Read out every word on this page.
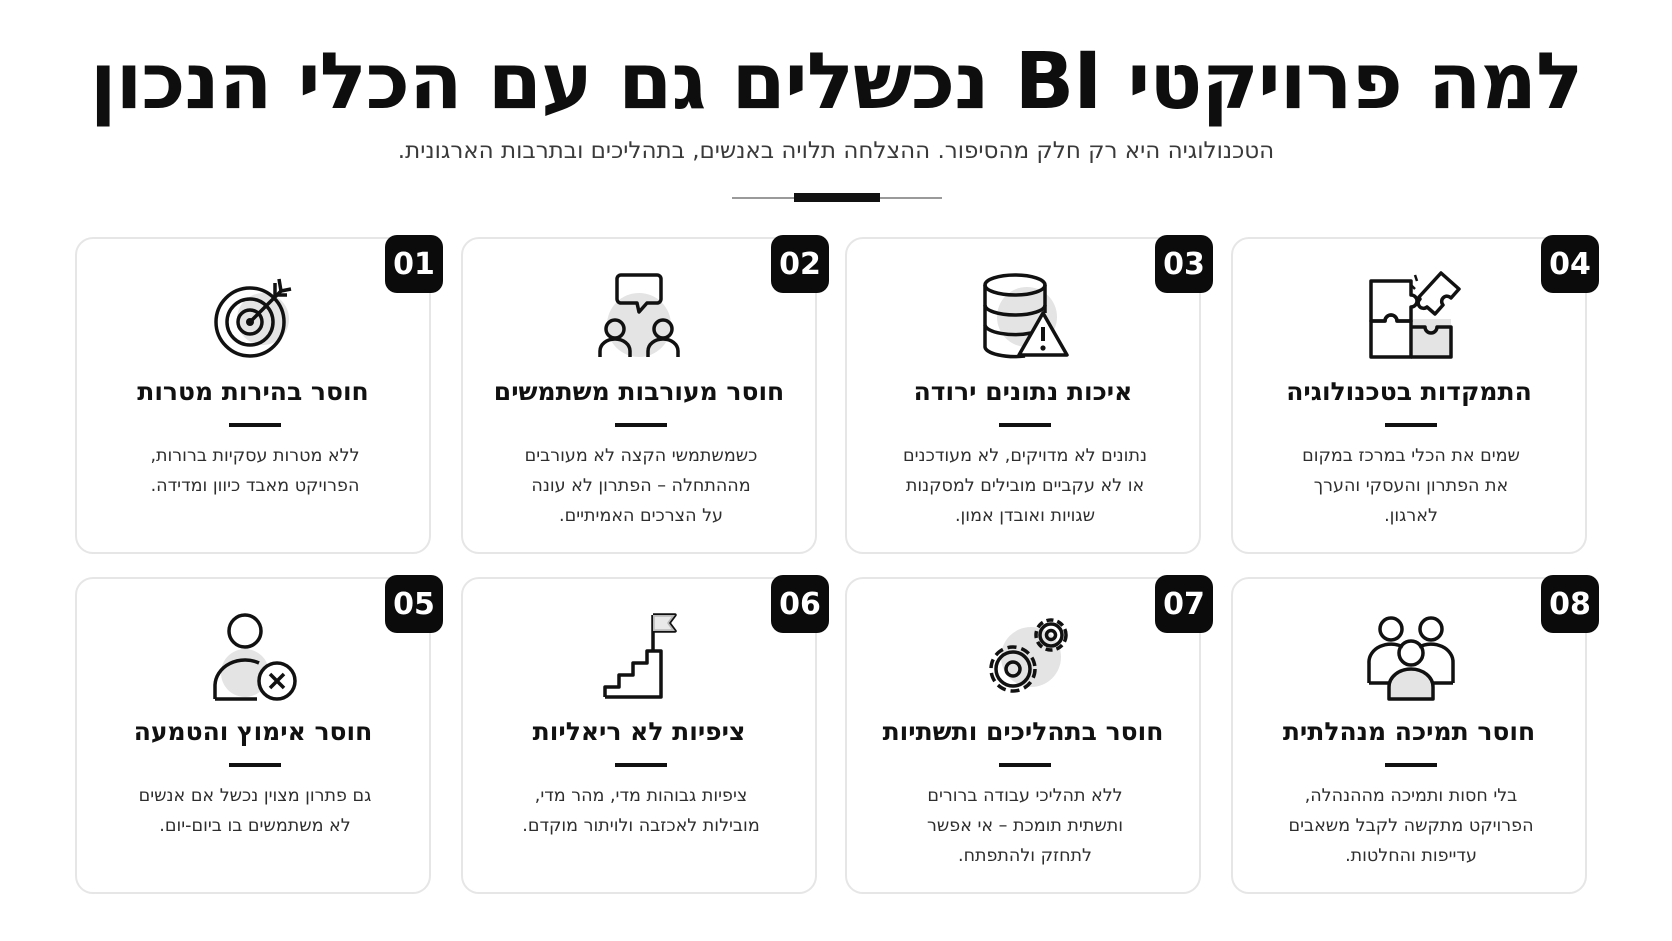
למה פרויקטי BI נכשלים גם עם הכלי הנכון

הטכנולוגיה היא רק חלק מהסיפור. ההצלחה תלויה באנשים, בתהליכים ובתרבות הארגונית.

01
חוסר בהירות מטרות
ללא מטרות עסקיות ברורות,
הפרויקט מאבד כיוון ומדידה.
02
חוסר מעורבות משתמשים
כשמשתמשי הקצה לא מעורבים
מההתחלה – הפתרון לא עונה
על הצרכים האמיתיים.
03
איכות נתונים ירודה
נתונים לא מדויקים, לא מעודכנים
או לא עקביים מובילים למסקנות
שגויות ואובדן אמון.
04
התמקדות בטכנולוגיה
שמים את הכלי במרכז במקום
את הפתרון והעסקי והערך
לארגון.
05
חוסר אימוץ והטמעה
גם פתרון מצוין נכשל אם אנשים
לא משתמשים בו ביום-יום.
06
ציפיות לא ריאליות
ציפיות גבוהות מדי, מהר מדי,
מובילות לאכזבה ולויתור מוקדם.
07
חוסר בתהליכים ותשתיות
ללא תהליכי עבודה ברורים
ותשתית תומכת – אי אפשר
לתחזק ולהתפתח.
08
חוסר תמיכה מנהלתית
בלי חסות ותמיכה מההנהלה,
הפרויקט מתקשה לקבל משאבים
עדייפות והחלטות.
